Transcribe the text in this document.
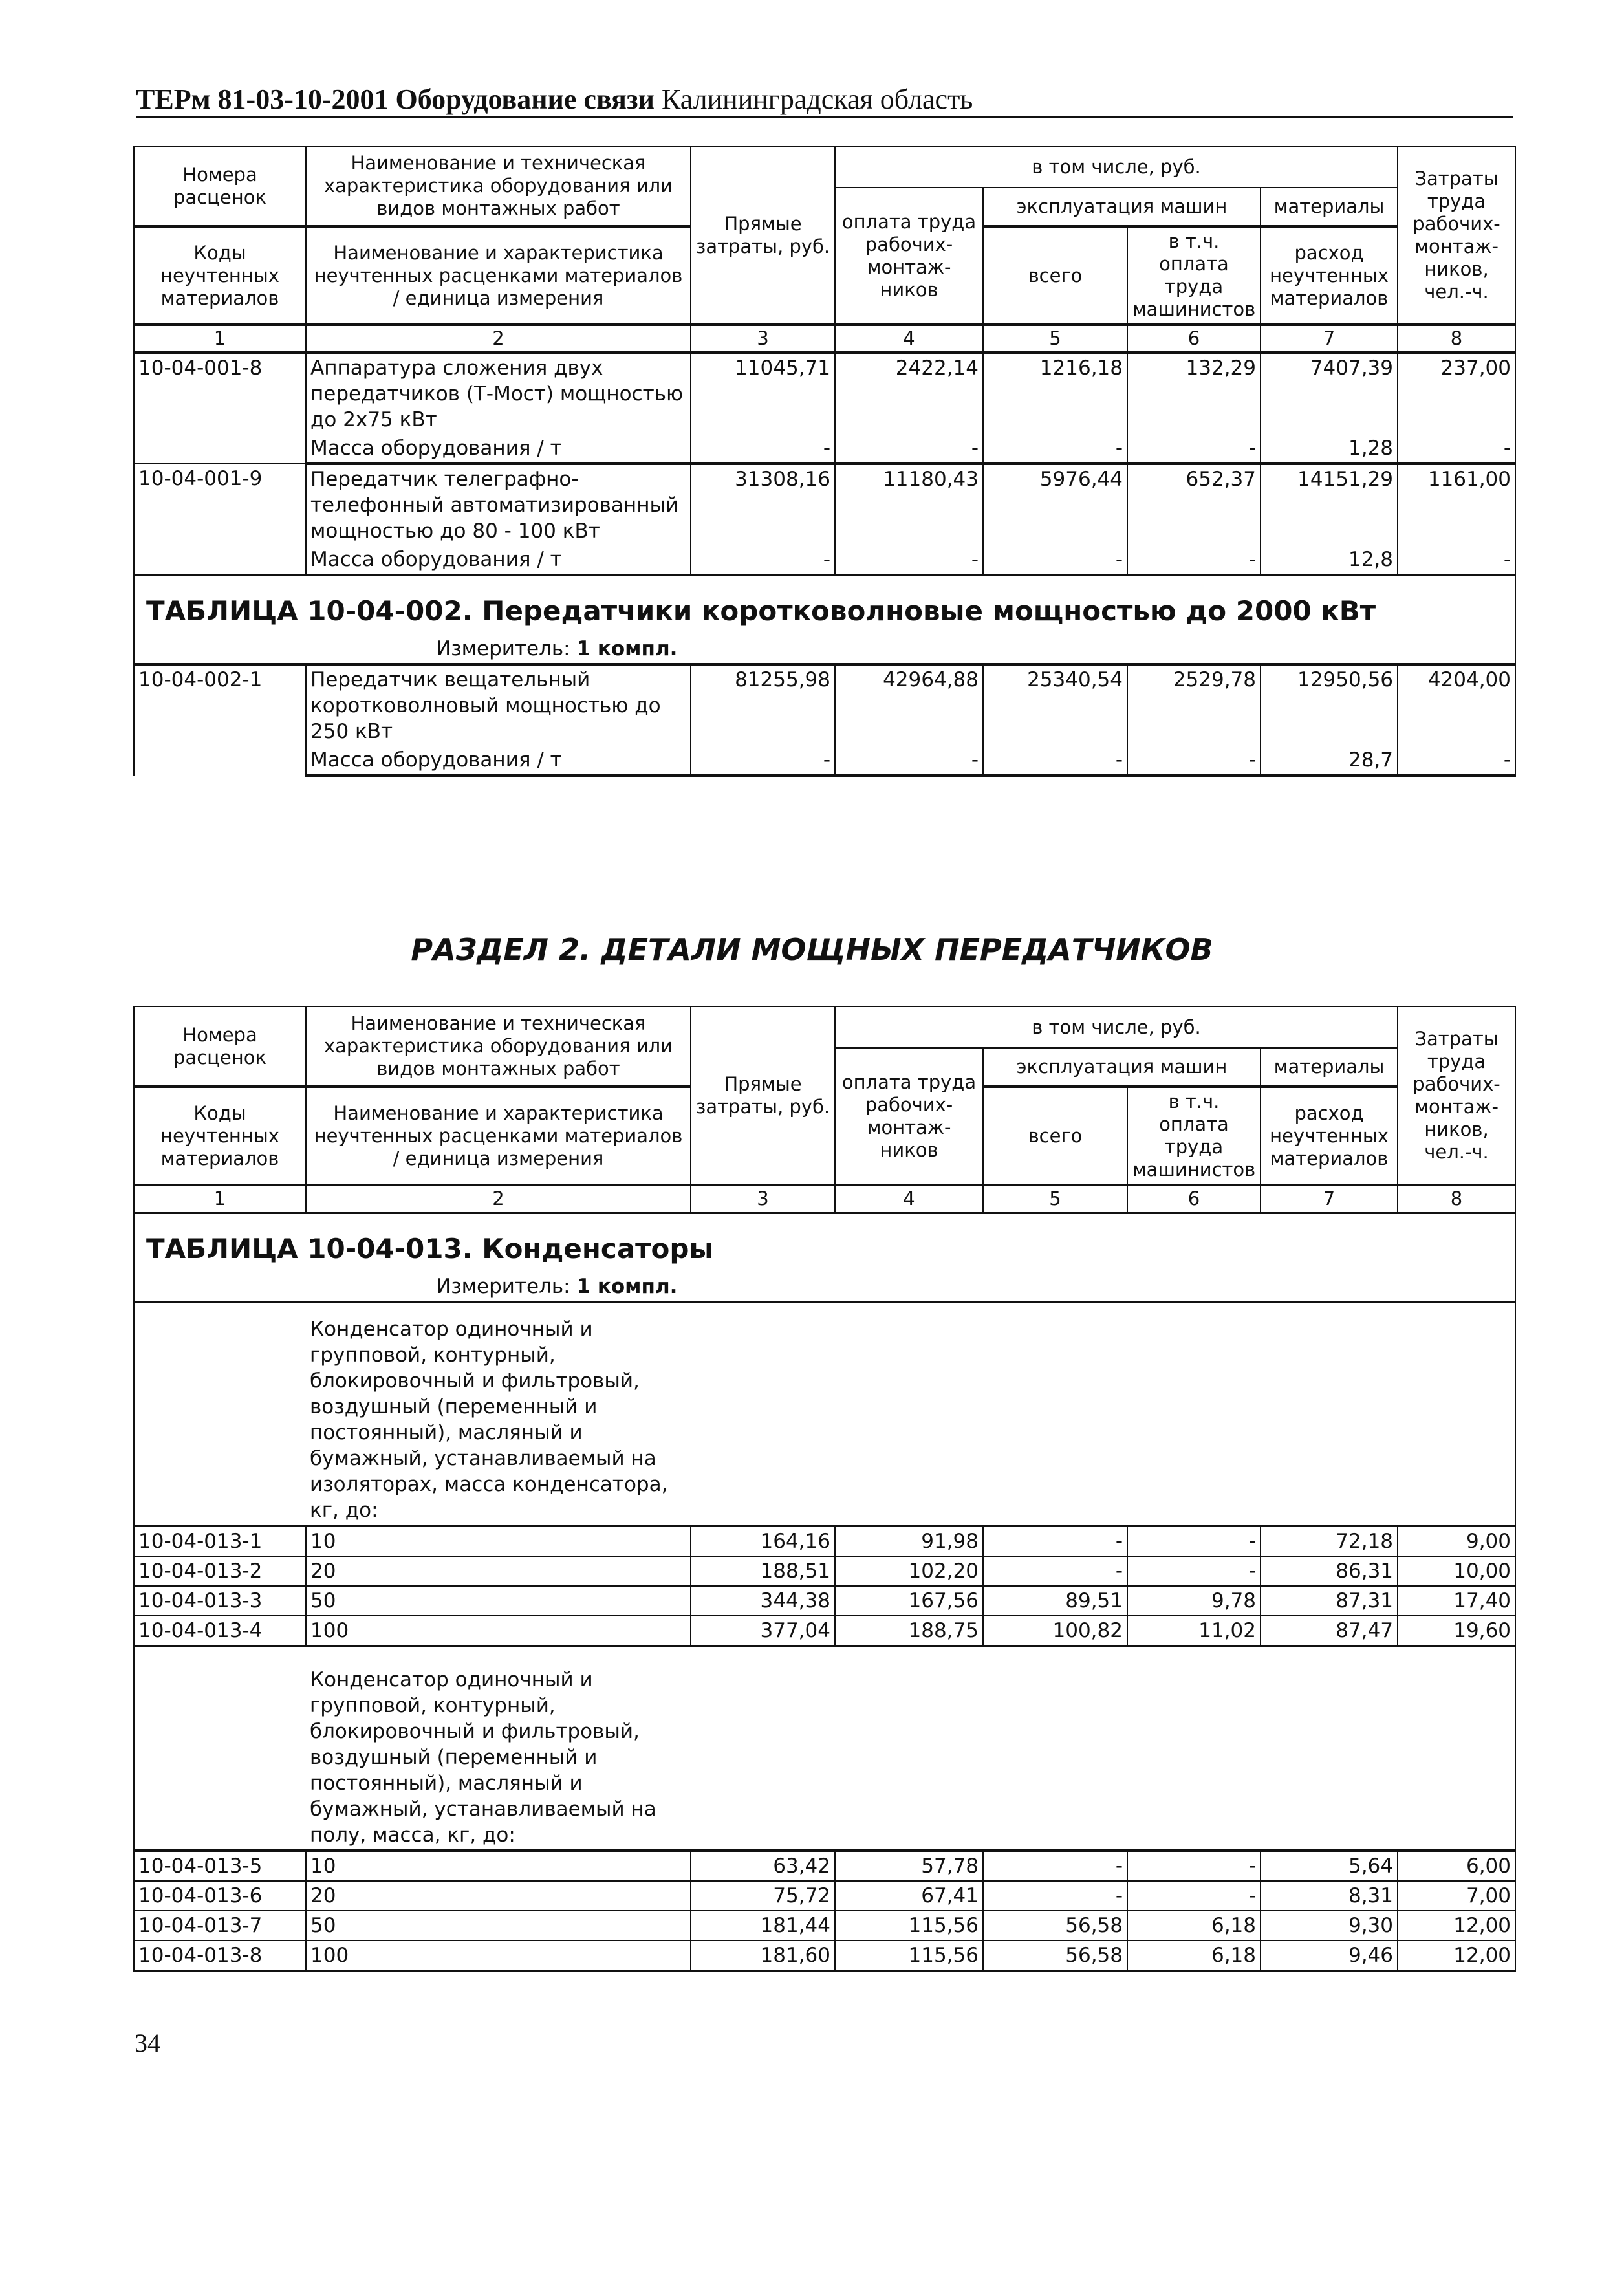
ТЕРм 81-03-10-2001 Оборудование связи Калининградская область
Номера расценок	Наименование и техническая характеристика оборудования или видов монтажных работ	Прямые затраты, руб.	в том числе, руб.				Затраты труда рабочих-монтаж-ников, чел.-ч.
			оплата труда рабочих-монтаж-ников	эксплуатация машин		материалы	
Коды неучтенных материалов	Наименование и характеристика неучтенных расценками материалов / единица измерения			всего	в т.ч. оплата труда машинистов	расход неучтенных материалов	

1	2	3	4	5	6	7	8
10-04-001-8	Аппаратура сложения двух передатчиков (Т-Мост) мощностью до 2х75 кВт	11045,71	2422,14	1216,18	132,29	7407,39	237,00
	Масса оборудования / т	-	-	-	-	1,28	-
10-04-001-9	Передатчик телеграфно-телефонный автоматизированный мощностью до 80 - 100 кВт	31308,16	11180,43	5976,44	652,37	14151,29	1161,00
	Масса оборудования / т	-	-	-	-	12,8	-
ТАБЛИЦА 10-04-002. Передатчики коротковолновые мощностью до 2000 кВт							
Измеритель: 1 компл.							
10-04-002-1	Передатчик вещательный коротковолновый мощностью до 250 кВт	81255,98	42964,88	25340,54	2529,78	12950,56	4204,00
	Масса оборудования / т	-	-	-	-	28,7	-
РАЗДЕЛ 2. ДЕТАЛИ МОЩНЫХ ПЕРЕДАТЧИКОВ
Номера расценок	Наименование и техническая характеристика оборудования или видов монтажных работ	Прямые затраты, руб.	в том числе, руб.				Затраты труда рабочих-монтаж-ников, чел.-ч.
			оплата труда рабочих-монтаж-ников	эксплуатация машин		материалы	
Коды неучтенных материалов	Наименование и характеристика неучтенных расценками материалов / единица измерения			всего	в т.ч. оплата труда машинистов	расход неучтенных материалов	

1	2	3	4	5	6	7	8
ТАБЛИЦА 10-04-013. Конденсаторы							
Измеритель: 1 компл.							
	Конденсатор одиночный и групповой, контурный, блокировочный и фильтровый, воздушный (переменный и постоянный), масляный и бумажный, устанавливаемый на изоляторах, масса конденсатора, кг, до:						
10-04-013-1	10	164,16	91,98	-	-	72,18	9,00
10-04-013-2	20	188,51	102,20	-	-	86,31	10,00
10-04-013-3	50	344,38	167,56	89,51	9,78	87,31	17,40
10-04-013-4	100	377,04	188,75	100,82	11,02	87,47	19,60
	Конденсатор одиночный и групповой, контурный, блокировочный и фильтровый, воздушный (переменный и постоянный), масляный и бумажный, устанавливаемый на полу, масса, кг, до:						
10-04-013-5	10	63,42	57,78	-	-	5,64	6,00
10-04-013-6	20	75,72	67,41	-	-	8,31	7,00
10-04-013-7	50	181,44	115,56	56,58	6,18	9,30	12,00
10-04-013-8	100	181,60	115,56	56,58	6,18	9,46	12,00
34
